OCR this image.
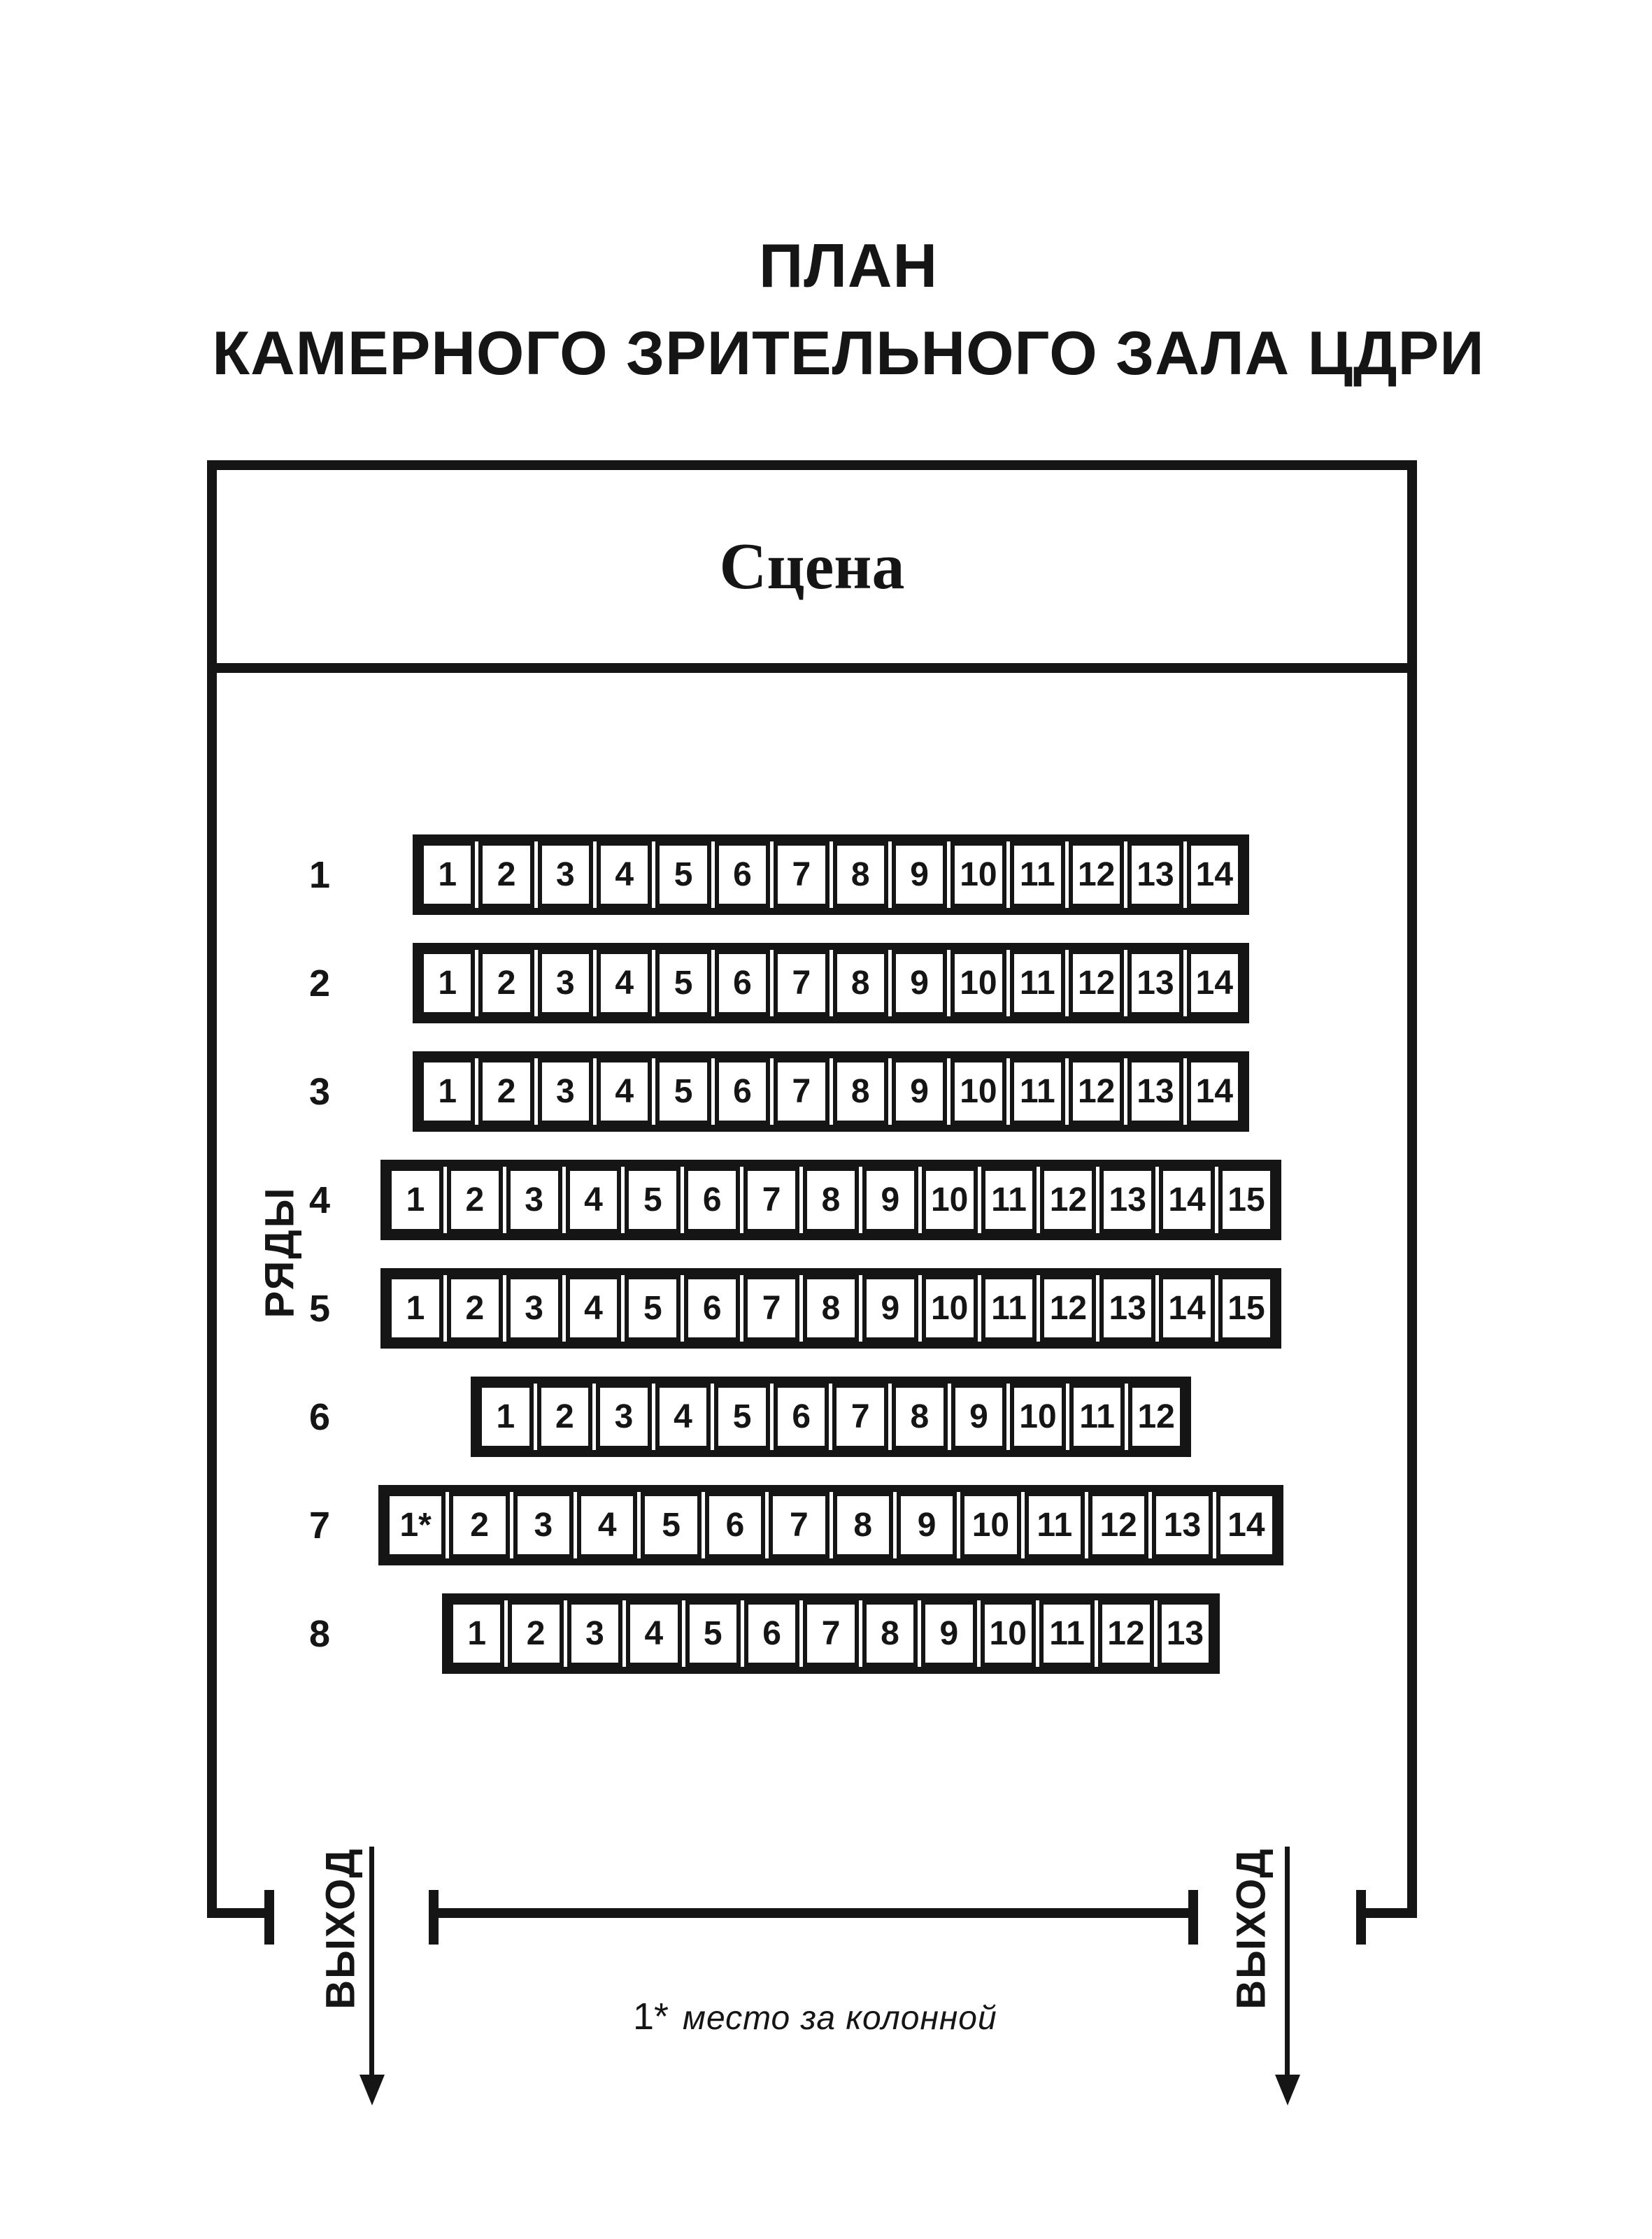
ПЛАН
КАМЕРНОГО ЗРИТЕЛЬНОГО ЗАЛА ЦДРИ
Сцена
РЯДЫ
1	1	2	3	4	5	6	7	8	9 10 11 12 13 14
2	1	2	3	4	5	6	7	8	9 10 11 12 13 14
3	1	2	3	4	5	6	7	8	9 10 11 12 13 14
4	1	2	3	4	5	6	7	8	9 10 11 12 13 14 15
5	1	2	3	4	5	6	7	8	9 10 11 12 13 14 15
6	1	2	3	4	5	6	7	8	9 10 11 12
7	1*	2	3	4	5	6	7	8	9	10 11 12 13 14
8	1	2	3	4	5	6	7	8	9 10 11 12 13
ВЫХОД	ВЫХОД
1* место за колонной
